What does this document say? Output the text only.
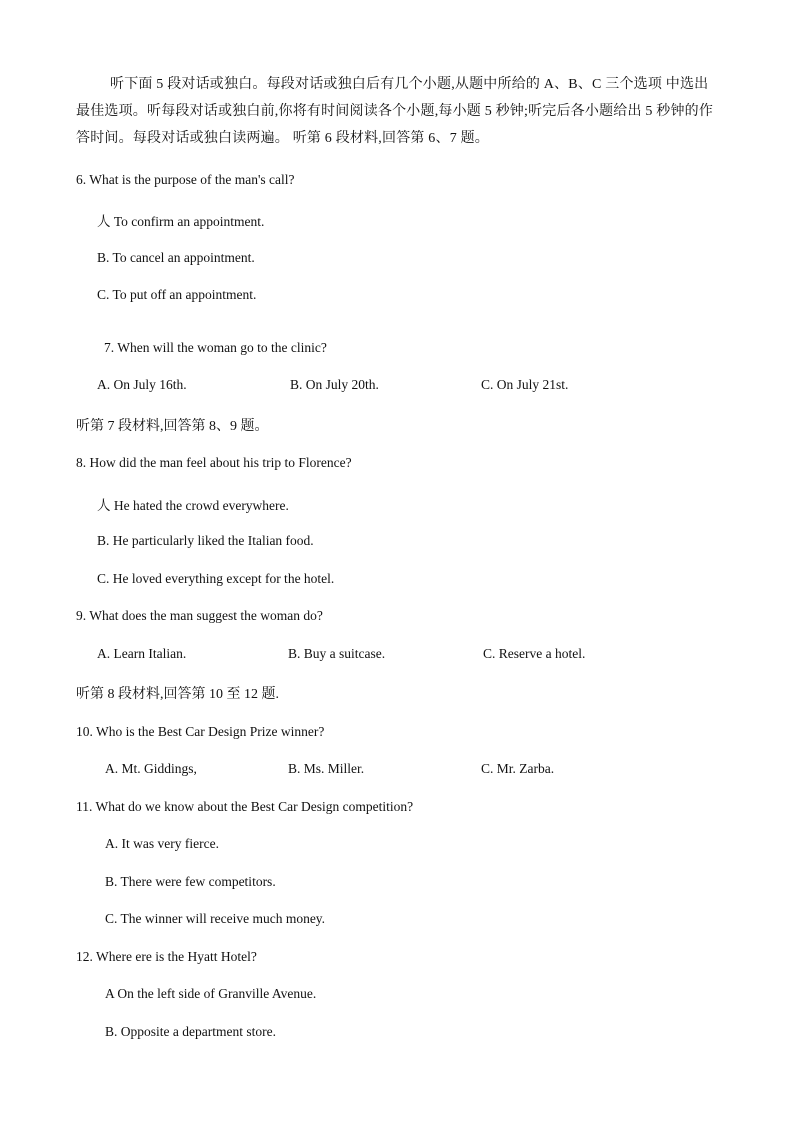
听下面 5 段对话或独白。每段对话或独白后有几个小题,从题中所给的 A、B、C 三个选项 中选出最佳选项。听每段对话或独白前,你将有时间阅读各个小题,每小题 5 秒钟;听完后各小题给出 5 秒钟的作答时间。每段对话或独白读两遍。 听第 6 段材料,回答第 6、7 题。
6. What is the purpose of the man's call?
人 To confirm an appointment.
B. To cancel an appointment.
C. To put off an appointment.
7. When will the woman go to the clinic?
A. On July 16th.	B. On July 20th.	C. On July 21st.
听第 7 段材料,回答第 8、9 题。
8. How did the man feel about his trip to Florence?
人 He hated the crowd everywhere.
B. He particularly liked the Italian food.
C. He loved everything except for the hotel.
9. What does the man suggest the woman do?
A. Learn Italian.	B. Buy a suitcase.	C. Reserve a hotel.
听第 8 段材料,回答第 10 至 12 题.
10. Who is the Best Car Design Prize winner?
A. Mt. Giddings,	B. Ms. Miller.	C. Mr. Zarba.
11. What do we know about the Best Car Design competition?
A. It was very fierce.
B. There were few competitors.
C. The winner will receive much money.
12. Where ere is the Hyatt Hotel?
A On the left side of Granville Avenue.
B. Opposite a department store.
